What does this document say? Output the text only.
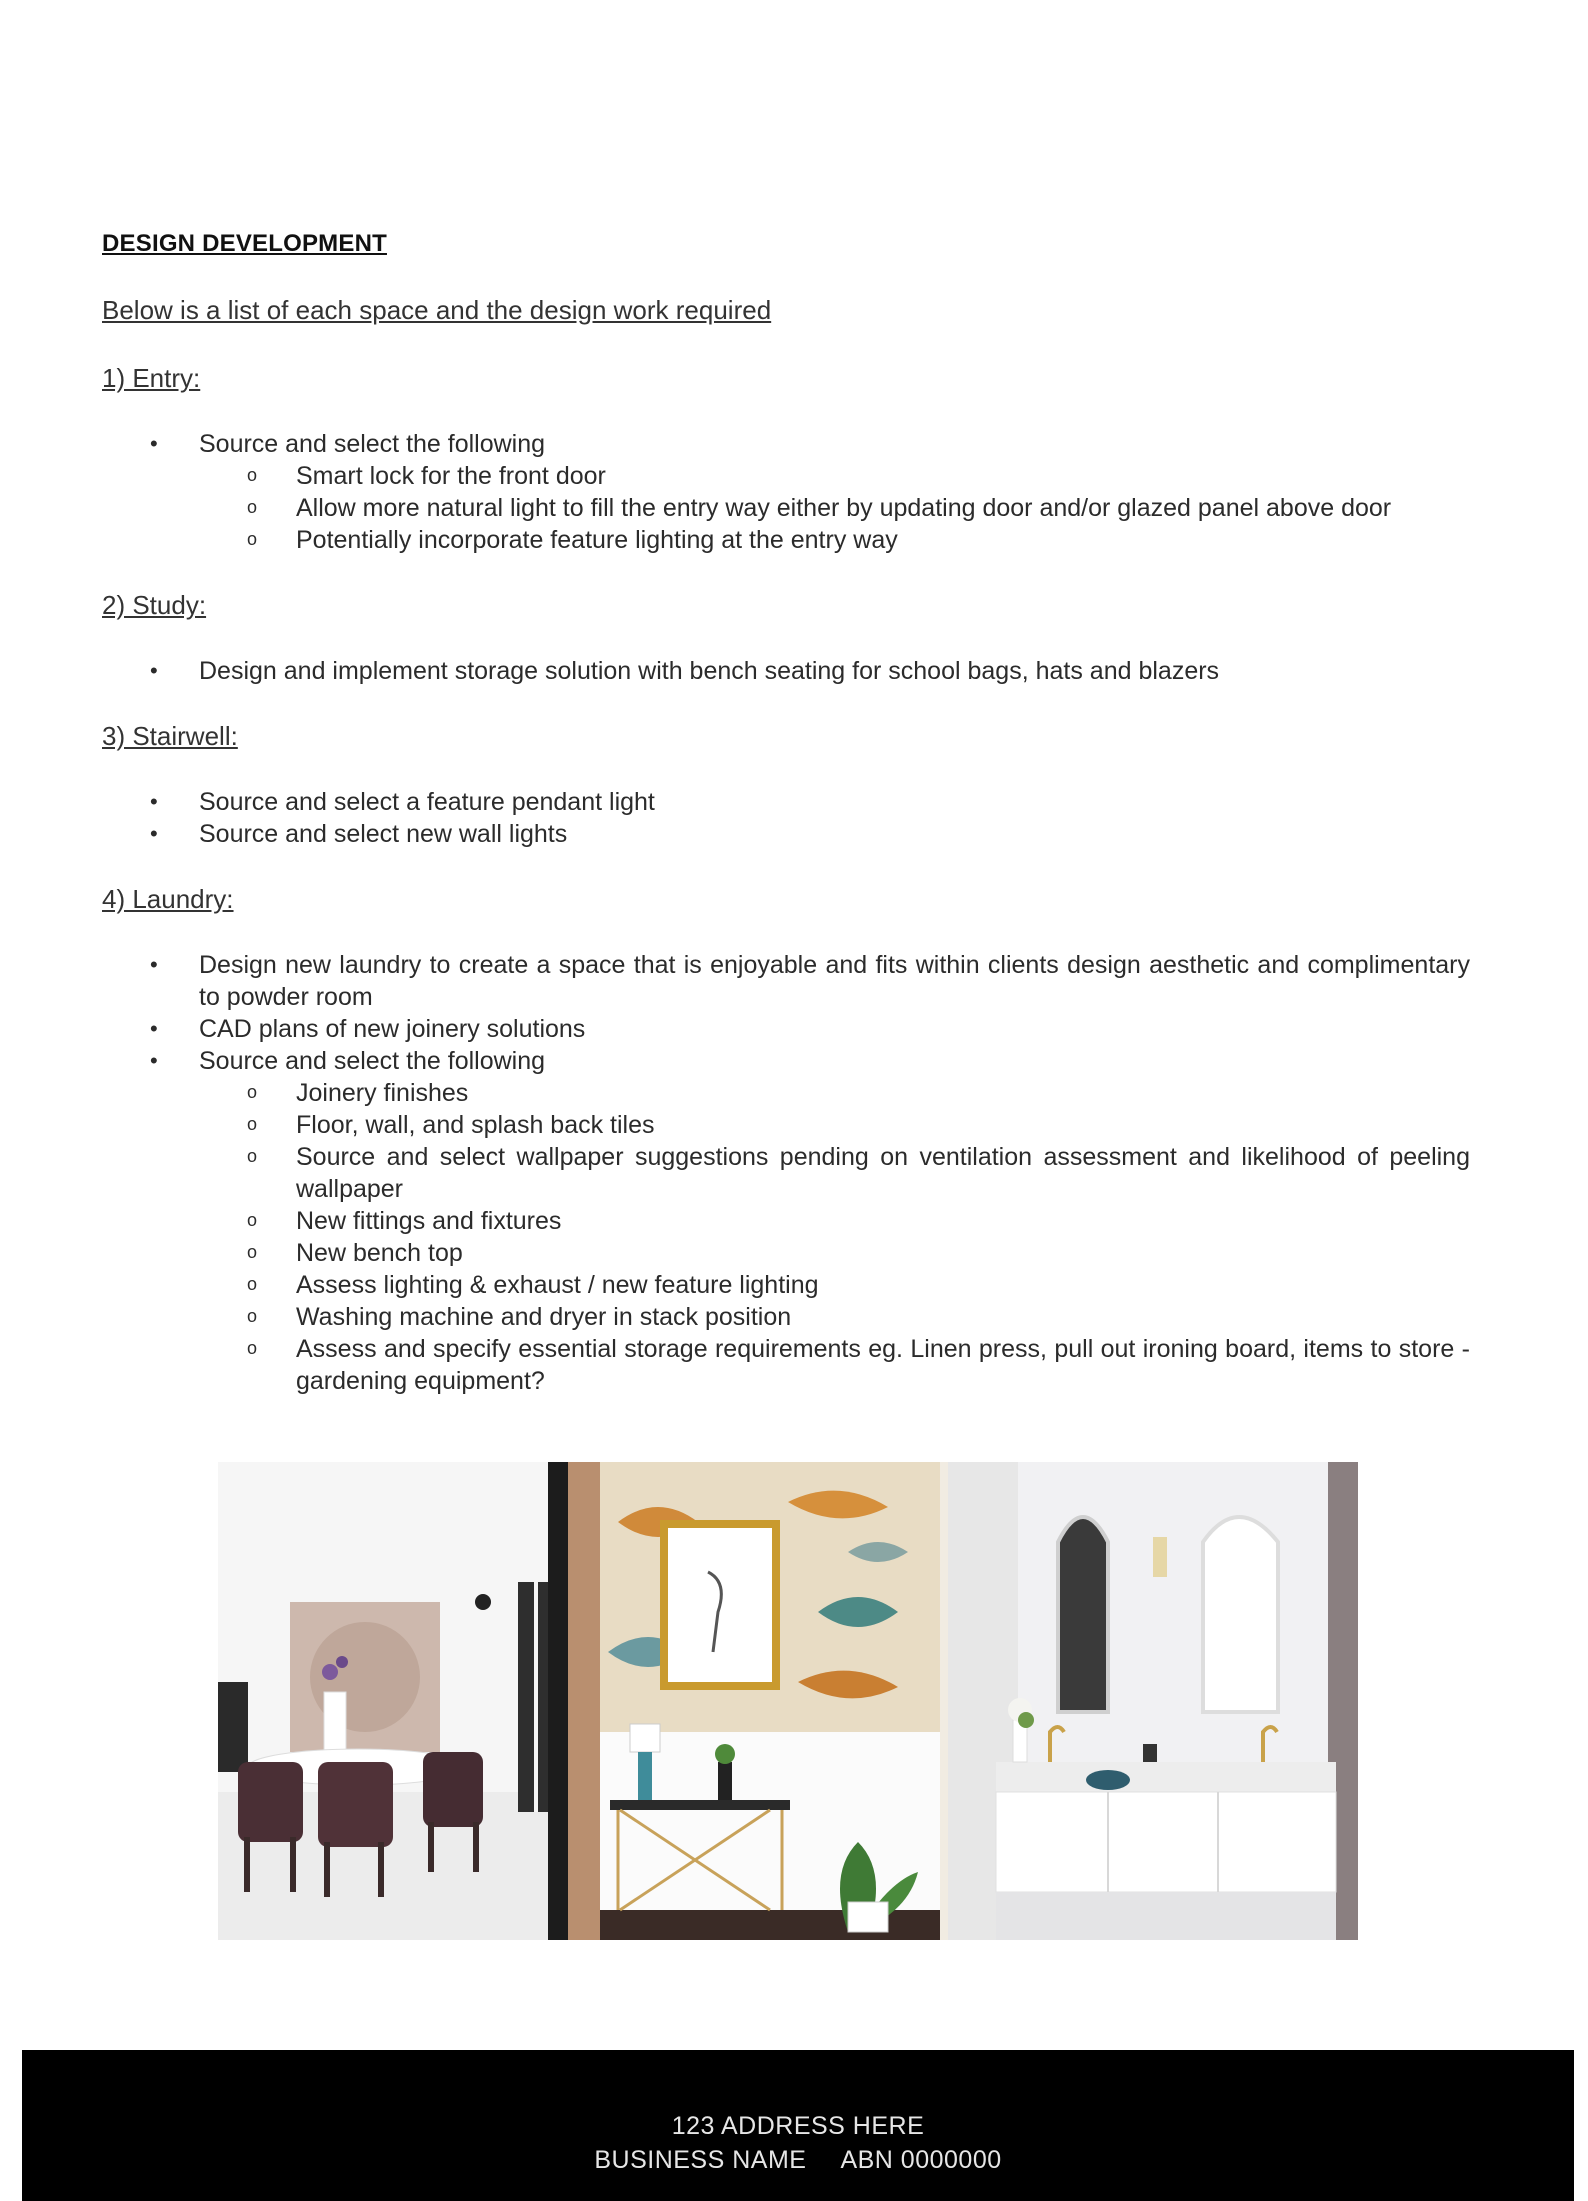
DESIGN DEVELOPMENT

Below is a list of each space and the design work required

1) Entry:

• Source and select the following
o Smart lock for the front door
o Allow more natural light to fill the entry way either by updating door and/or glazed panel above door
o Potentially incorporate feature lighting at the entry way

2) Study:

• Design and implement storage solution with bench seating for school bags, hats and blazers

3) Stairwell:

• Source and select a feature pendant light
• Source and select new wall lights

4) Laundry:

• Design new laundry to create a space that is enjoyable and fits within clients design aesthetic and complimentary to powder room
• CAD plans of new joinery solutions
• Source and select the following
o Joinery finishes
o Floor, wall, and splash back tiles
o Source and select wallpaper suggestions pending on ventilation assessment and likelihood of peeling wallpaper
o New fittings and fixtures
o New bench top
o Assess lighting & exhaust / new feature lighting
o Washing machine and dryer in stack position
o Assess and specify essential storage requirements eg. Linen press, pull out ironing board, items to store - gardening equipment?
123 ADDRESS HERE
BUSINESS NAME ABN 0000000
